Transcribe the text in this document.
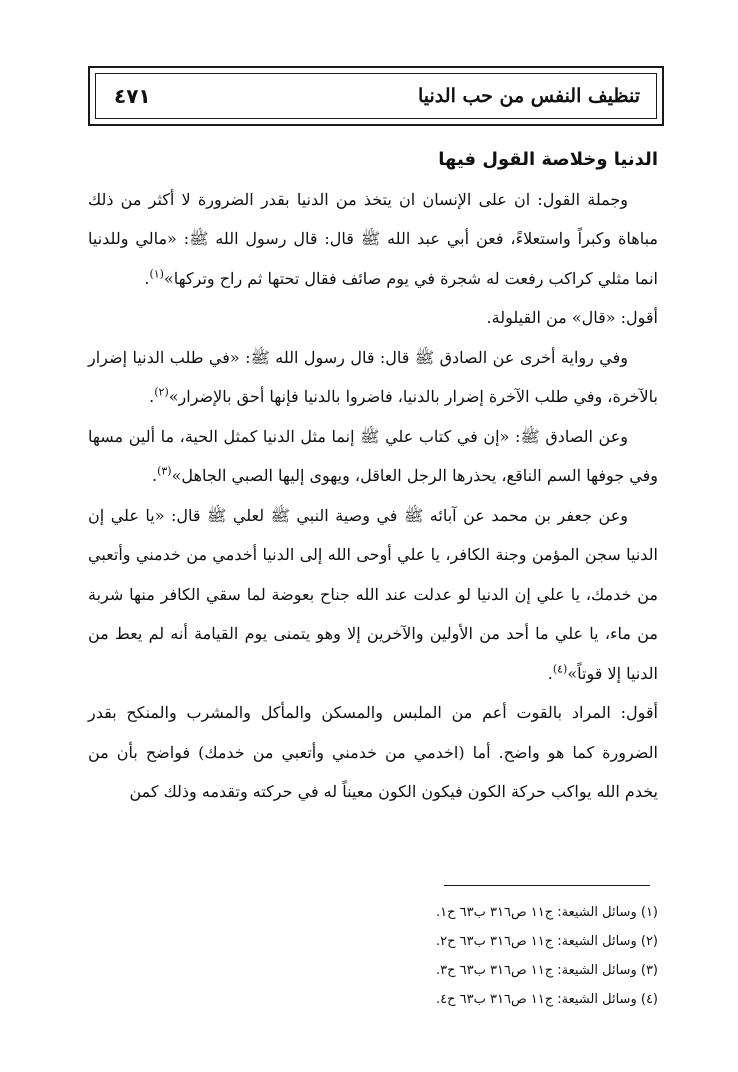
تنظيف النفس من حب الدنيا
٤٧١

الدنيا وخلاصة القول فيها

وجملة القول: ان على الإنسان ان يتخذ من الدنيا بقدر الضرورة لا أكثر من ذلك مباهاة وكبراً واستعلاءً، فعن أبي عبد الله ﷺ قال: قال رسول الله ﷺ: «مالي وللدنيا انما مثلي كراكب رفعت له شجرة في يوم صائف فقال تحتها ثم راح وتركها»$^{(١)}$.

أقول: «قال» من القيلولة.

وفي رواية أخرى عن الصادق ﷺ قال: قال رسول الله ﷺ: «في طلب الدنيا إضرار بالآخرة، وفي طلب الآخرة إضرار بالدنيا، فاضروا بالدنيا فإنها أحق بالإضرار»$^{(٢)}$.

وعن الصادق ﷺ: «إن في كتاب علي ﷺ إنما مثل الدنيا كمثل الحية، ما ألين مسها وفي جوفها السم الناقع، يحذرها الرجل العاقل، ويهوى إليها الصبي الجاهل»$^{(٣)}$.

وعن جعفر بن محمد عن آبائه ﷺ في وصية النبي ﷺ لعلي ﷺ قال: «يا علي إن الدنيا سجن المؤمن وجنة الكافر، يا علي أوحى الله إلى الدنيا أخدمي من خدمني وأتعبي من خدمك، يا علي إن الدنيا لو عدلت عند الله جناح بعوضة لما سقي الكافر منها شربة من ماء، يا علي ما أحد من الأولين والآخرين إلا وهو يتمنى يوم القيامة أنه لم يعط من الدنيا إلا قوتاً»$^{(٤)}$.

أقول: المراد بالقوت أعم من الملبس والمسكن والمأكل والمشرب والمنكح بقدر الضرورة كما هو واضح. أما (اخدمي من خدمني وأتعبي من خدمك) فواضح بأن من يخدم الله يواكب حركة الكون فيكون الكون معيناً له في حركته وتقدمه وذلك كمن

(١) وسائل الشيعة: ج١١ ص٣١٦ ب٦٣ ح١.
(٢) وسائل الشيعة: ج١١ ص٣١٦ ب٦٣ ح٢.
(٣) وسائل الشيعة: ج١١ ص٣١٦ ب٦٣ ح٣.
(٤) وسائل الشيعة: ج١١ ص٣١٦ ب٦٣ ح٤.
